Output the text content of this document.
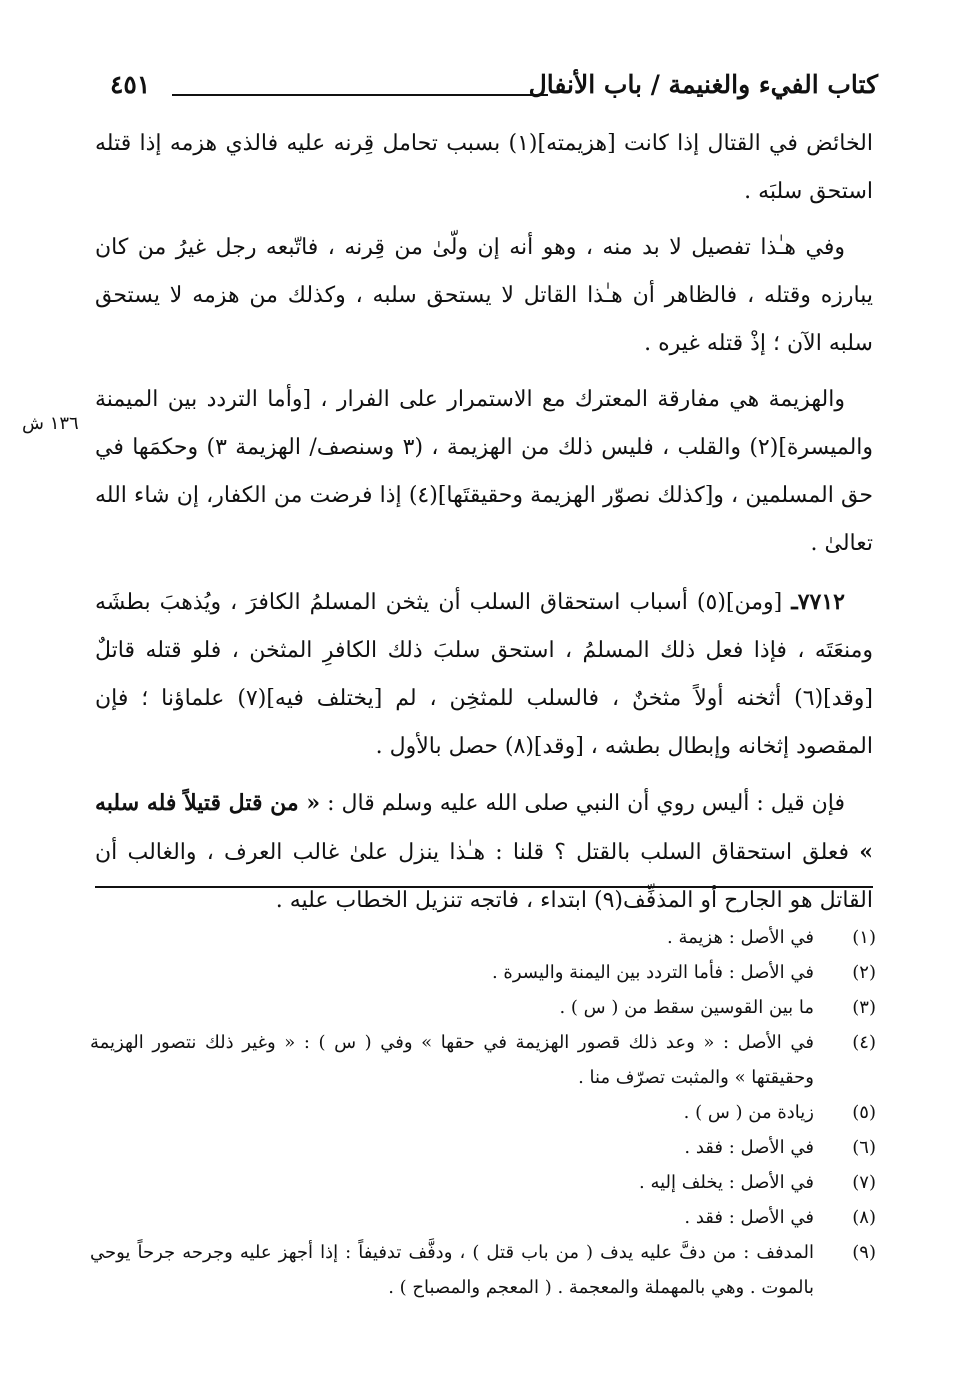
كتاب الفيء والغنيمة / باب الأنفال
٤٥١
١٣٦ ش

الخائض في القتال إذا كانت [هزيمته](١) بسبب تحامل قِرنه عليه فالذي هزمه إذا قتله استحق سلبَه .

وفي هـٰذا تفصيل لا بد منه ، وهو أنه إن ولّىٰ من قِرنه ، فاتّبعه رجل غيرُ من كان يبارزه وقتله ، فالظاهر أن هـٰذا القاتل لا يستحق سلبه ، وكذلك من هزمه لا يستحق سلبه الآن ؛ إذْ قتله غيره .

والهزيمة هي مفارقة المعترك مع الاستمرار على الفرار ، [وأما التردد بين الميمنة والميسرة](٢) والقلب ، فليس ذلك من الهزيمة ، (٣ وسنصف/ الهزيمة ٣) وحكمَها في حق المسلمين ، و[كذلك نصوّر الهزيمة وحقيقتَها](٤) إذا فرضت من الكفار، إن شاء الله تعالىٰ .

٧٧١٢ـ [ومن](٥) أسباب استحقاق السلب أن يثخن المسلمُ الكافرَ ، ويُذهبَ بطشَه ومنعَتَه ، فإذا فعل ذلك المسلمُ ، استحق سلبَ ذلك الكافرِ المثخن ، فلو قتله قاتلٌ [وقد](٦) أثخنه أولاً مثخنٌ ، فالسلب للمثخِن ، لم [يختلف فيه](٧) علماؤنا ؛ فإن المقصود إثخانه وإبطال بطشه ، [وقد](٨) حصل بالأول .

فإن قيل : أليس روي أن النبي صلى الله عليه وسلم قال : « من قتل قتيلاً فله سلبه » فعلق استحقاق السلب بالقتل ؟ قلنا : هـٰذا ينزل علىٰ غالب العرف ، والغالب أن القاتل هو الجارح أو المذفِّف(٩) ابتداء ، فاتجه تنزيل الخطاب عليه .

(١)
في الأصل : هزيمة .
(٢)
في الأصل : فأما التردد بين اليمنة واليسرة .
(٣)
ما بين القوسين سقط من ( س ) .
(٤)
في الأصل : « وعد ذلك قصور الهزيمة في حقها » وفي ( س ) : « وغير ذلك نتصور الهزيمة وحقيقتها » والمثبت تصرّف منا .
(٥)
زيادة من ( س ) .
(٦)
في الأصل : فقد .
(٧)
في الأصل : يخلف إليه .
(٨)
في الأصل : فقد .
(٩)
المدفف : من دفَّ عليه يدف ( من باب قتل ) ، ودفَّف تدفيفاً : إذا أجهز عليه وجرحه جرحاً يوحي بالموت . وهي بالمهملة والمعجمة . ( المعجم والمصباح ) .
